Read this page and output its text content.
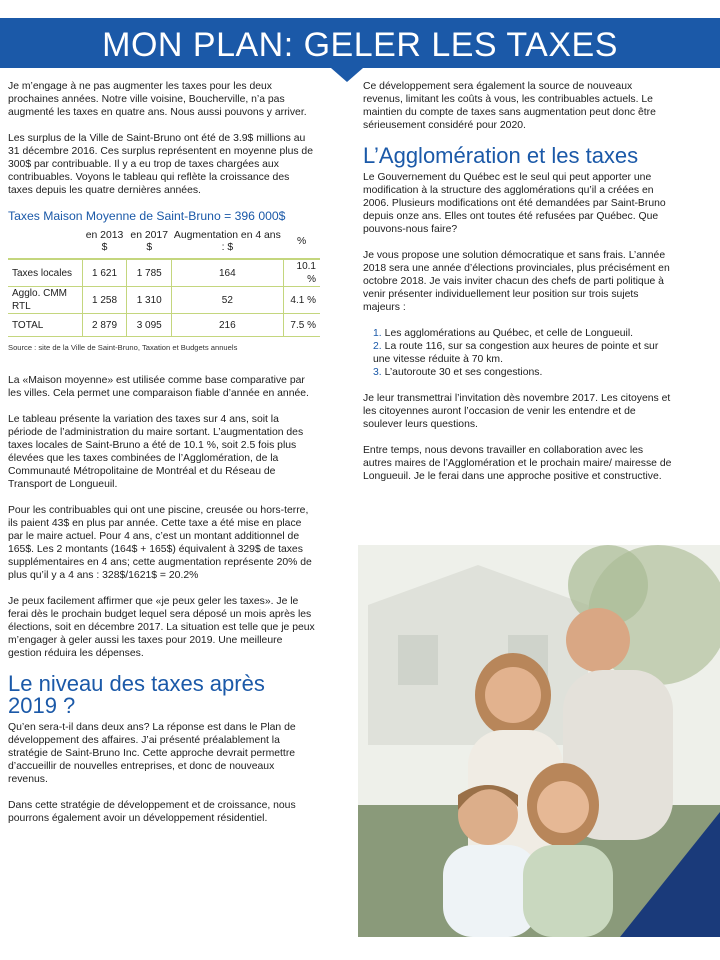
MON PLAN: GELER LES TAXES

Je m’engage à ne pas augmenter les taxes pour les deux prochaines années. Notre ville voisine, Boucherville, n’a pas augmenté les taxes en quatre ans. Nous aussi pouvons y arriver.

Les surplus de la Ville de Saint-Bruno ont été de 3.9$ millions au 31 décembre 2016. Ces surplus représentent en moyenne plus de 300$ par contribuable. Il y a eu trop de taxes chargées aux contribuables. Voyons le tableau qui reflète la croissance des taxes depuis les quatre dernières années.

Taxes Maison Moyenne de Saint-Bruno = 396 000$
	en 2013 $	en 2017 $	Augmentation en 4 ans : $	%
Taxes locales	1 621	1 785	164	10.1 %
Agglo. CMM RTL	1 258	1 310	52	4.1 %
TOTAL	2 879	3 095	216	7.5 %
Source : site de la Ville de Saint-Bruno, Taxation et Budgets annuels

La «Maison moyenne» est utilisée comme base comparative par les villes. Cela permet une comparaison fiable d’année en année.

Le tableau présente la variation des taxes sur 4 ans, soit la période de l’administration du maire sortant. L’augmentation des taxes locales de Saint-Bruno a été de 10.1 %, soit 2.5 fois plus élevées que les taxes combinées de l’Agglomération, de la Communauté Métropolitaine de Montréal et du Réseau de Transport de Longueuil.

Pour les contribuables qui ont une piscine, creusée ou hors-terre, ils paient 43$ en plus par année. Cette taxe a été mise en place par le maire actuel. Pour 4 ans, c’est un montant additionnel de 165$. Les 2 montants (164$ + 165$) équivalent à 329$ de taxes supplémentaires en 4 ans; cette augmentation représente 20% de plus qu’il y a 4 ans : 328$/1621$ = 20.2%

Je peux facilement affirmer que «je peux geler les taxes». Je le ferai dès le prochain budget lequel sera déposé un mois après les élections, soit en décembre 2017. La situation est telle que je peux m’engager à geler aussi les taxes pour 2019. Une meilleure gestion réduira les dépenses.

Le niveau des taxes après 2019 ?

Qu’en sera-t-il dans deux ans? La réponse est dans le Plan de développement des affaires. J’ai présenté préalablement la stratégie de Saint-Bruno Inc. Cette approche devrait permettre d’accueillir de nouvelles entreprises, et donc de nouveaux revenus.

Dans cette stratégie de développement et de croissance, nous pourrons également avoir un développement résidentiel.

Ce développement sera également la source de nouveaux revenus, limitant les coûts à vous, les contribuables actuels. Le maintien du compte de taxes sans augmentation peut donc être sérieusement considéré pour 2020.

L’Agglomération et les taxes

Le Gouvernement du Québec est le seul qui peut apporter une modification à la structure des agglomérations qu’il a créées en 2006. Plusieurs modifications ont été demandées par Saint-Bruno depuis onze ans. Elles ont toutes été refusées par Québec. Que pouvons-nous faire?

Je vous propose une solution démocratique et sans frais. L’année 2018 sera une année d’élections provinciales, plus précisément en octobre 2018. Je vais inviter chacun des chefs de parti politique à venir présenter individuellement leur position sur trois sujets majeurs :

1. Les agglomérations au Québec, et celle de Longueuil.
2. La route 116, sur sa congestion aux heures de pointe et sur une vitesse réduite à 70 km.
3. L’autoroute 30 et ses congestions.

Je leur transmettrai l’invitation dès novembre 2017. Les citoyens et les citoyennes auront l’occasion de venir les entendre et de soulever leurs questions.

Entre temps, nous devons travailler en collaboration avec les autres maires de l’Agglomération et le prochain maire/ mairesse de Longueuil. Je le ferai dans une approche positive et constructive.
